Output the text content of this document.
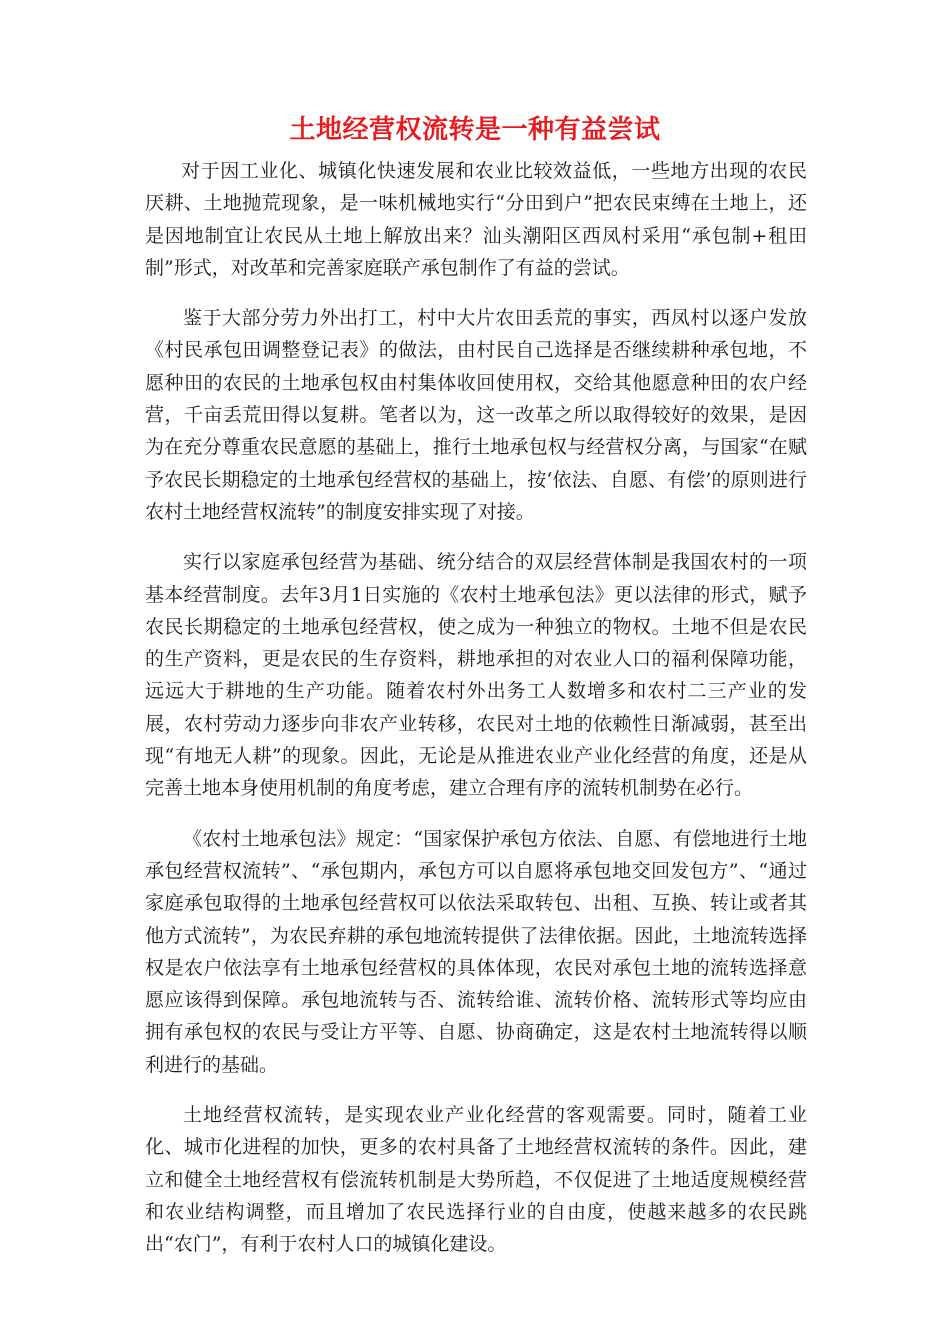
土地经营权流转是一种有益尝试

对于因工业化、城镇化快速发展和农业比较效益低，一些地方出现的农民厌耕、土地抛荒现象，是一味机械地实行“分田到户”把农民束缚在土地上，还是因地制宜让农民从土地上解放出来？汕头潮阳区西凤村采用“承包制+租田制”形式，对改革和完善家庭联产承包制作了有益的尝试。

鉴于大部分劳力外出打工，村中大片农田丢荒的事实，西凤村以逐户发放《村民承包田调整登记表》的做法，由村民自己选择是否继续耕种承包地，不愿种田的农民的土地承包权由村集体收回使用权，交给其他愿意种田的农户经营，千亩丢荒田得以复耕。笔者以为，这一改革之所以取得较好的效果，是因为在充分尊重农民意愿的基础上，推行土地承包权与经营权分离，与国家“在赋予农民长期稳定的土地承包经营权的基础上，按‘依法、自愿、有偿’的原则进行农村土地经营权流转”的制度安排实现了对接。

实行以家庭承包经营为基础、统分结合的双层经营体制是我国农村的一项基本经营制度。去年3月1日实施的《农村土地承包法》更以法律的形式，赋予农民长期稳定的土地承包经营权，使之成为一种独立的物权。土地不但是农民的生产资料，更是农民的生存资料，耕地承担的对农业人口的福利保障功能，远远大于耕地的生产功能。随着农村外出务工人数增多和农村二三产业的发展，农村劳动力逐步向非农产业转移，农民对土地的依赖性日渐减弱，甚至出现“有地无人耕”的现象。因此，无论是从推进农业产业化经营的角度，还是从完善土地本身使用机制的角度考虑，建立合理有序的流转机制势在必行。

《农村土地承包法》规定：“国家保护承包方依法、自愿、有偿地进行土地承包经营权流转”、“承包期内，承包方可以自愿将承包地交回发包方”、“通过家庭承包取得的土地承包经营权可以依法采取转包、出租、互换、转让或者其他方式流转”，为农民弃耕的承包地流转提供了法律依据。因此，土地流转选择权是农户依法享有土地承包经营权的具体体现，农民对承包土地的流转选择意愿应该得到保障。承包地流转与否、流转给谁、流转价格、流转形式等均应由拥有承包权的农民与受让方平等、自愿、协商确定，这是农村土地流转得以顺利进行的基础。

土地经营权流转，是实现农业产业化经营的客观需要。同时，随着工业化、城市化进程的加快，更多的农村具备了土地经营权流转的条件。因此，建立和健全土地经营权有偿流转机制是大势所趋，不仅促进了土地适度规模经营和农业结构调整，而且增加了农民选择行业的自由度，使越来越多的农民跳出“农门”，有利于农村人口的城镇化建设。
